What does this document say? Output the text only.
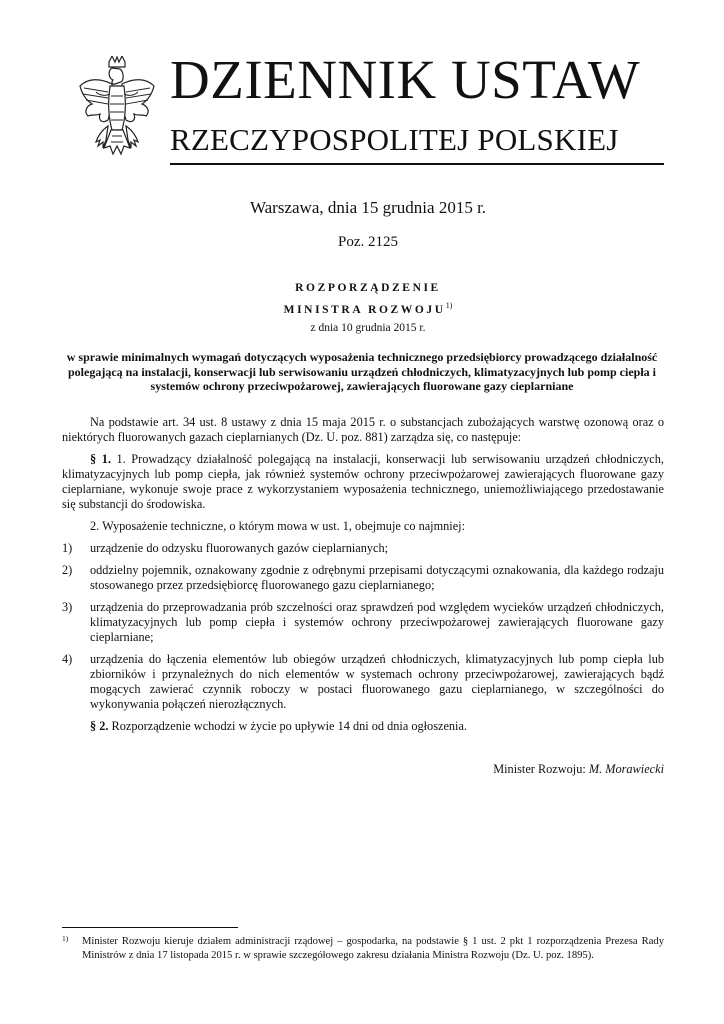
DZIENNIK USTAW
RZECZYPOSPOLITEJ POLSKIEJ
Warszawa, dnia 15 grudnia 2015 r.
Poz. 2125
ROZPORZĄDZENIE
MINISTRA ROZWOJU$^{1)}$
z dnia 10 grudnia 2015 r.

w sprawie minimalnych wymagań dotyczących wyposażenia technicznego przedsiębiorcy prowadzącego działalność polegającą na instalacji, konserwacji lub serwisowaniu urządzeń chłodniczych, klimatyzacyjnych lub pomp ciepła i systemów ochrony przeciwpożarowej, zawierających fluorowane gazy cieplarniane

Na podstawie art. 34 ust. 8 ustawy z dnia 15 maja 2015 r. o substancjach zubożających warstwę ozonową oraz o niektórych fluorowanych gazach cieplarnianych (Dz. U. poz. 881) zarządza się, co następuje:

§ 1. 1. Prowadzący działalność polegającą na instalacji, konserwacji lub serwisowaniu urządzeń chłodniczych, klimatyzacyjnych lub pomp ciepła, jak również systemów ochrony przeciwpożarowej zawierających fluorowane gazy cieplarniane, wykonuje swoje prace z wykorzystaniem wyposażenia technicznego, uniemożliwiającego przedostawanie się substancji do środowiska.

2. Wyposażenie techniczne, o którym mowa w ust. 1, obejmuje co najmniej:

1) urządzenie do odzysku fluorowanych gazów cieplarnianych;
2) oddzielny pojemnik, oznakowany zgodnie z odrębnymi przepisami dotyczącymi oznakowania, dla każdego rodzaju stosowanego przez przedsiębiorcę fluorowanego gazu cieplarnianego;
3) urządzenia do przeprowadzania prób szczelności oraz sprawdzeń pod względem wycieków urządzeń chłodniczych, klimatyzacyjnych lub pomp ciepła i systemów ochrony przeciwpożarowej zawierających fluorowane gazy cieplarniane;
4) urządzenia do łączenia elementów lub obiegów urządzeń chłodniczych, klimatyzacyjnych lub pomp ciepła lub zbiorników i przynależnych do nich elementów w systemach ochrony przeciwpożarowej, zawierających bądź mogących zawierać czynnik roboczy w postaci fluorowanego gazu cieplarnianego, w szczególności do wykonywania połączeń nierozłącznych.

§ 2. Rozporządzenie wchodzi w życie po upływie 14 dni od dnia ogłoszenia.

Minister Rozwoju: M. Morawiecki
1)	Minister Rozwoju kieruje działem administracji rządowej – gospodarka, na podstawie § 1 ust. 2 pkt 1 rozporządzenia Prezesa Rady Ministrów z dnia 17 listopada 2015 r. w sprawie szczegółowego zakresu działania Ministra Rozwoju (Dz. U. poz. 1895).
